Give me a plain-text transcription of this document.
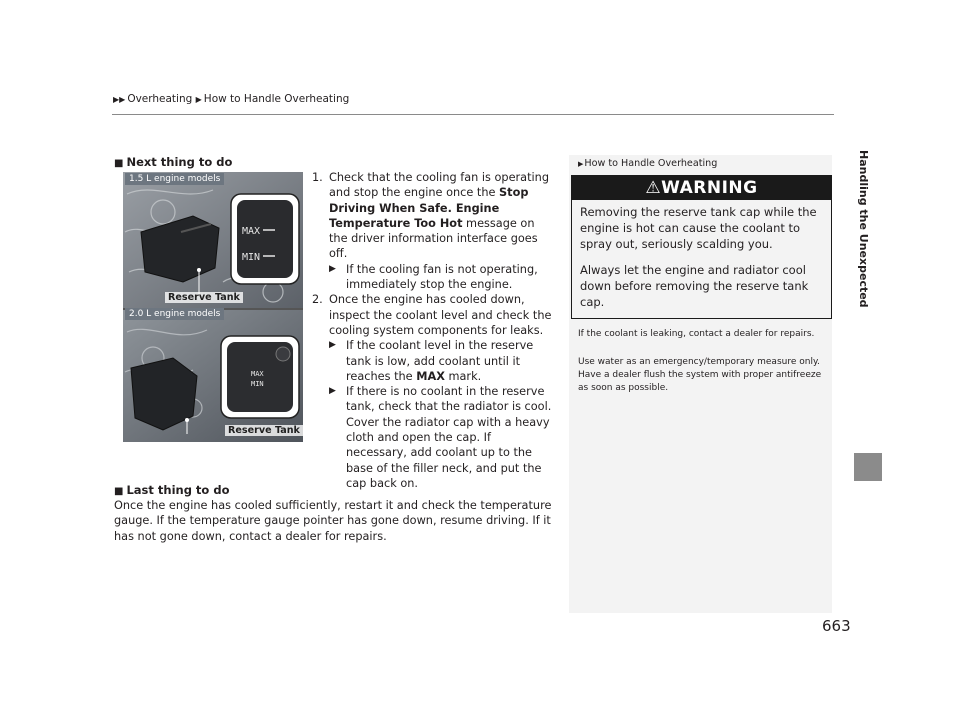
▶▶ Overheating ▶ How to Handle Overheating
Handling the Unexpected
663
■ Next thing to do
MAX
MIN
MAX
MIN
1.5 L engine models
2.0 L engine models
Reserve Tank
Reserve Tank
1. Check that the cooling fan is operating and stop the engine once the Stop Driving When Safe. Engine Temperature Too Hot message on the driver information interface goes off.
▶ If the cooling fan is not operating, immediately stop the engine.
2. Once the engine has cooled down, inspect the coolant level and check the cooling system components for leaks.
▶ If the coolant level in the reserve tank is low, add coolant until it reaches the MAX mark.
▶ If there is no coolant in the reserve tank, check that the radiator is cool. Cover the radiator cap with a heavy cloth and open the cap. If necessary, add coolant up to the base of the filler neck, and put the cap back on.
■ Last thing to do
Once the engine has cooled sufficiently, restart it and check the temperature gauge. If the temperature gauge pointer has gone down, resume driving. If it has not gone down, contact a dealer for repairs.
▶How to Handle Overheating
⚠WARNING
Removing the reserve tank cap while the engine is hot can cause the coolant to spray out, seriously scalding you.
Always let the engine and radiator cool down before removing the reserve tank cap.
If the coolant is leaking, contact a dealer for repairs.
Use water as an emergency/temporary measure only. Have a dealer flush the system with proper antifreeze as soon as possible.
